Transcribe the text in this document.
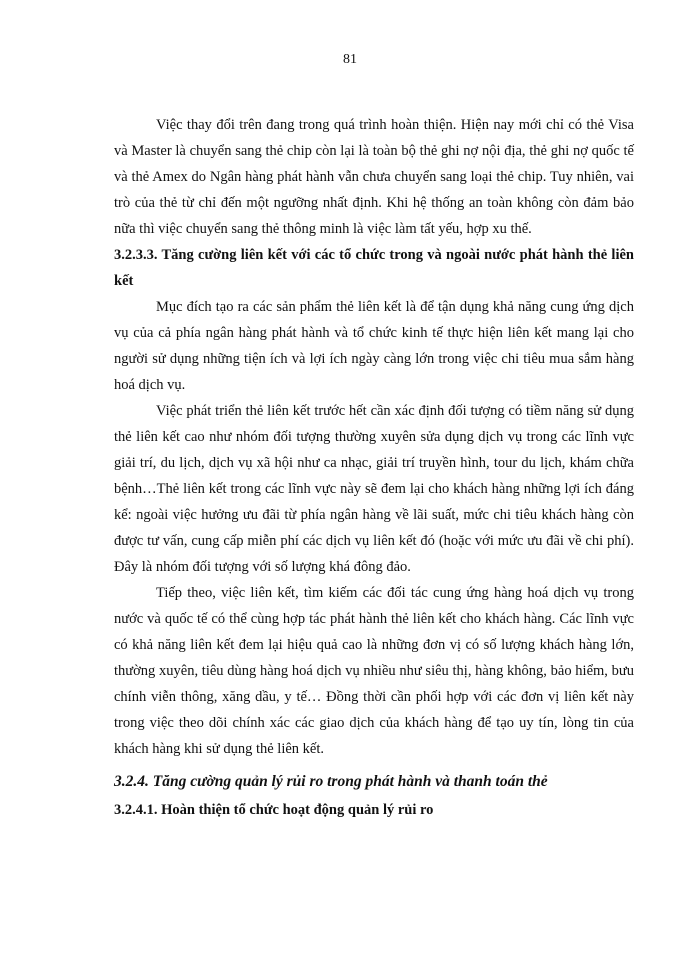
81

Việc thay đổi trên đang trong quá trình hoàn thiện. Hiện nay mới chỉ có thẻ Visa và Master là chuyển sang thẻ chip còn lại là toàn bộ thẻ ghi nợ nội địa, thẻ ghi nợ quốc tế và thẻ Amex do Ngân hàng phát hành vẫn chưa chuyển sang loại thẻ chip. Tuy nhiên, vai trò của thẻ từ chỉ đến một ngưỡng nhất định. Khi hệ thống an toàn không còn đảm bảo nữa thì việc chuyển sang thẻ thông minh là việc làm tất yếu, hợp xu thế.

3.2.3.3. Tăng cường liên kết với các tổ chức trong và ngoài nước phát hành thẻ liên kết

Mục đích tạo ra các sản phẩm thẻ liên kết là để tận dụng khả năng cung ứng dịch vụ của cả phía ngân hàng phát hành và tổ chức kinh tế thực hiện liên kết mang lại cho người sử dụng những tiện ích và lợi ích ngày càng lớn trong việc chi tiêu mua sắm hàng hoá dịch vụ.

Việc phát triển thẻ liên kết trước hết cần xác định đối tượng có tiềm năng sử dụng thẻ liên kết cao như nhóm đối tượng thường xuyên sửa dụng dịch vụ trong các lĩnh vực giải trí, du lịch, dịch vụ xã hội như ca nhạc, giải trí truyền hình, tour du lịch, khám chữa bệnh…Thẻ liên kết trong các lĩnh vực này sẽ đem lại cho khách hàng những lợi ích đáng kể: ngoài việc hưởng ưu đãi từ phía ngân hàng về lãi suất, mức chi tiêu khách hàng còn được tư vấn, cung cấp miễn phí các dịch vụ liên kết đó (hoặc với mức ưu đãi về chi phí). Đây là nhóm đối tượng với số lượng khá đông đảo.

Tiếp theo, việc liên kết, tìm kiếm các đối tác cung ứng hàng hoá dịch vụ trong nước và quốc tế có thể cùng hợp tác phát hành thẻ liên kết cho khách hàng. Các lĩnh vực có khả năng liên kết đem lại hiệu quả cao là những đơn vị có số lượng khách hàng lớn, thường xuyên, tiêu dùng hàng hoá dịch vụ nhiều như siêu thị, hàng không, bảo hiểm, bưu chính viễn thông, xăng dầu, y tế… Đồng thời cần phối hợp với các đơn vị liên kết này trong việc theo dõi chính xác các giao dịch của khách hàng để tạo uy tín, lòng tin của khách hàng khi sử dụng thẻ liên kết.

3.2.4. Tăng cường quản lý rủi ro trong phát hành và thanh toán thẻ

3.2.4.1. Hoàn thiện tổ chức hoạt động quản lý rủi ro
